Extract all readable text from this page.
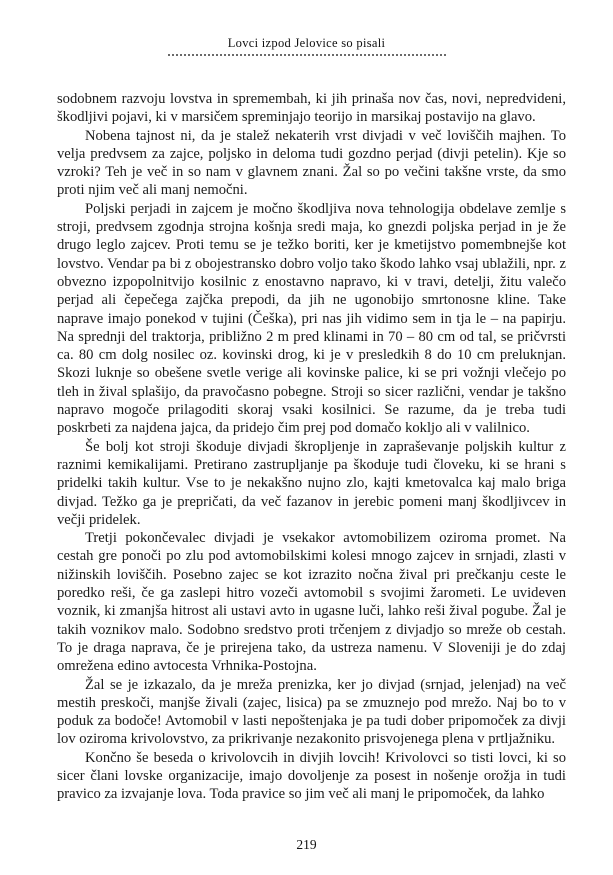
Lovci izpod Jelovice so pisali

sodobnem razvoju lovstva in spremembah, ki jih prinaša nov čas, novi, nepredvideni, škodljivi pojavi, ki v marsičem spreminjajo teorijo in marsikaj postavijo na glavo.

Nobena tajnost ni, da je stalež nekaterih vrst divjadi v več loviščih majhen. To velja predvsem za zajce, poljsko in deloma tudi gozdno perjad (divji petelin). Kje so vzroki? Teh je več in so nam v glavnem znani. Žal so po večini takšne vrste, da smo proti njim več ali manj nemočni.

Poljski perjadi in zajcem je močno škodljiva nova tehnologija obdelave zemlje s stroji, predvsem zgodnja strojna košnja sredi maja, ko gnezdi poljska perjad in je že drugo leglo zajcev. Proti temu se je težko boriti, ker je kmetijstvo pomembnejše kot lovstvo. Vendar pa bi z obojestransko dobro voljo tako škodo lahko vsaj ublažili, npr. z obvezno izpopolnitvijo kosilnic z enostavno napravo, ki v travi, detelji, žitu valečo perjad ali čepečega zajčka prepodi, da jih ne ugonobijo smrtonosne kline. Take naprave imajo ponekod v tujini (Češka), pri nas jih vidimo sem in tja le – na papirju. Na sprednji del traktorja, približno 2 m pred klinami in 70 – 80 cm od tal, se pričvrsti ca. 80 cm dolg nosilec oz. kovinski drog, ki je v presledkih 8 do 10 cm preluknjan. Skozi luknje so obešene svetle verige ali kovinske palice, ki se pri vožnji vlečejo po tleh in žival splašijo, da pravočasno pobegne. Stroji so sicer različni, vendar je takšno napravo mogoče prilagoditi skoraj vsaki kosilnici. Se razume, da je treba tudi poskrbeti za najdena jajca, da pridejo čim prej pod domačo kokljo ali v valilnico.

Še bolj kot stroji škoduje divjadi škropljenje in zapraševanje poljskih kultur z raznimi kemikalijami. Pretirano zastrupljanje pa škoduje tudi človeku, ki se hrani s pridelki takih kultur. Vse to je nekakšno nujno zlo, kajti kmetovalca kaj malo briga divjad. Težko ga je prepričati, da več fazanov in jerebic pomeni manj škodljivcev in večji pridelek.

Tretji pokončevalec divjadi je vsekakor avtomobilizem oziroma promet. Na cestah gre ponoči po zlu pod avtomobilskimi kolesi mnogo zajcev in srnjadi, zlasti v nižinskih loviščih. Posebno zajec se kot izrazito nočna žival pri prečkanju ceste le poredko reši, če ga zaslepi hitro vozeči avtomobil s svojimi žarometi. Le uvideven voznik, ki zmanjša hitrost ali ustavi avto in ugasne luči, lahko reši žival pogube. Žal je takih voznikov malo. Sodobno sredstvo proti trčenjem z divjadjo so mreže ob cestah. To je draga naprava, če je prirejena tako, da ustreza namenu. V Sloveniji je do zdaj omrežena edino avtocesta Vrhnika-Postojna.

Žal se je izkazalo, da je mreža prenizka, ker jo divjad (srnjad, jelenjad) na več mestih preskoči, manjše živali (zajec, lisica) pa se zmuznejo pod mrežo. Naj bo to v poduk za bodoče! Avtomobil v lasti nepoštenjaka je pa tudi dober pripomoček za divji lov oziroma krivolovstvo, za prikrivanje nezakonito prisvojenega plena v prtljažniku.

Končno še beseda o krivolovcih in divjih lovcih! Krivolovci so tisti lovci, ki so sicer člani lovske organizacije, imajo dovoljenje za posest in nošenje orožja in tudi pravico za izvajanje lova. Toda pravice so jim več ali manj le pripomoček, da lahko

219
